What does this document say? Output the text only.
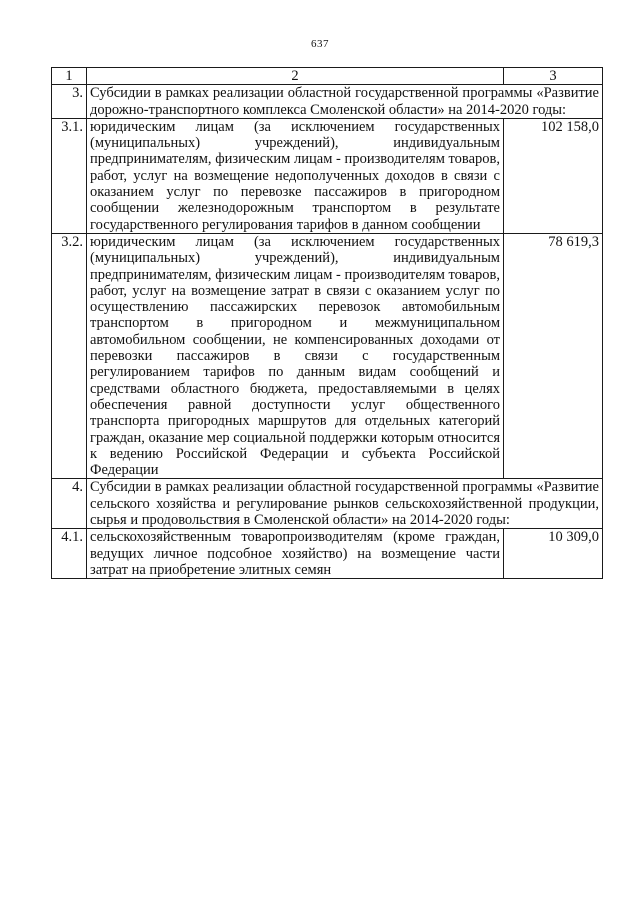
637
1	2	3
3.	Субсидии в рамках реализации областной государственной программы «Развитие дорожно-транспортного комплекса Смоленской области» на 2014-2020 годы:	
3.1.	юридическим лицам (за исключением государственных (муниципальных) учреждений), индивидуальным предпринимателям, физическим лицам - производителям товаров, работ, услуг на возмещение недополученных доходов в связи с оказанием услуг по перевозке пассажиров в пригородном сообщении железнодорожным транспортом в результате государственного регулирования тарифов в данном сообщении	102 158,0
3.2.	юридическим лицам (за исключением государственных (муниципальных) учреждений), индивидуальным предпринимателям, физическим лицам - производителям товаров, работ, услуг на возмещение затрат в связи с оказанием услуг по осуществлению пассажирских перевозок автомобильным транспортом в пригородном и межмуниципальном автомобильном сообщении, не компенсированных доходами от перевозки пассажиров в связи с государственным регулированием тарифов по данным видам сообщений и средствами областного бюджета, предоставляемыми в целях обеспечения равной доступности услуг общественного транспорта пригородных маршрутов для отдельных категорий граждан, оказание мер социальной поддержки которым относится к ведению Российской Федерации и субъекта Российской Федерации	78 619,3
4.	Субсидии в рамках реализации областной государственной программы «Развитие сельского хозяйства и регулирование рынков сельскохозяйственной продукции, сырья и продовольствия в Смоленской области» на 2014-2020 годы:	
4.1.	сельскохозяйственным товаропроизводителям (кроме граждан, ведущих личное подсобное хозяйство) на возмещение части затрат на приобретение элитных семян	10 309,0
